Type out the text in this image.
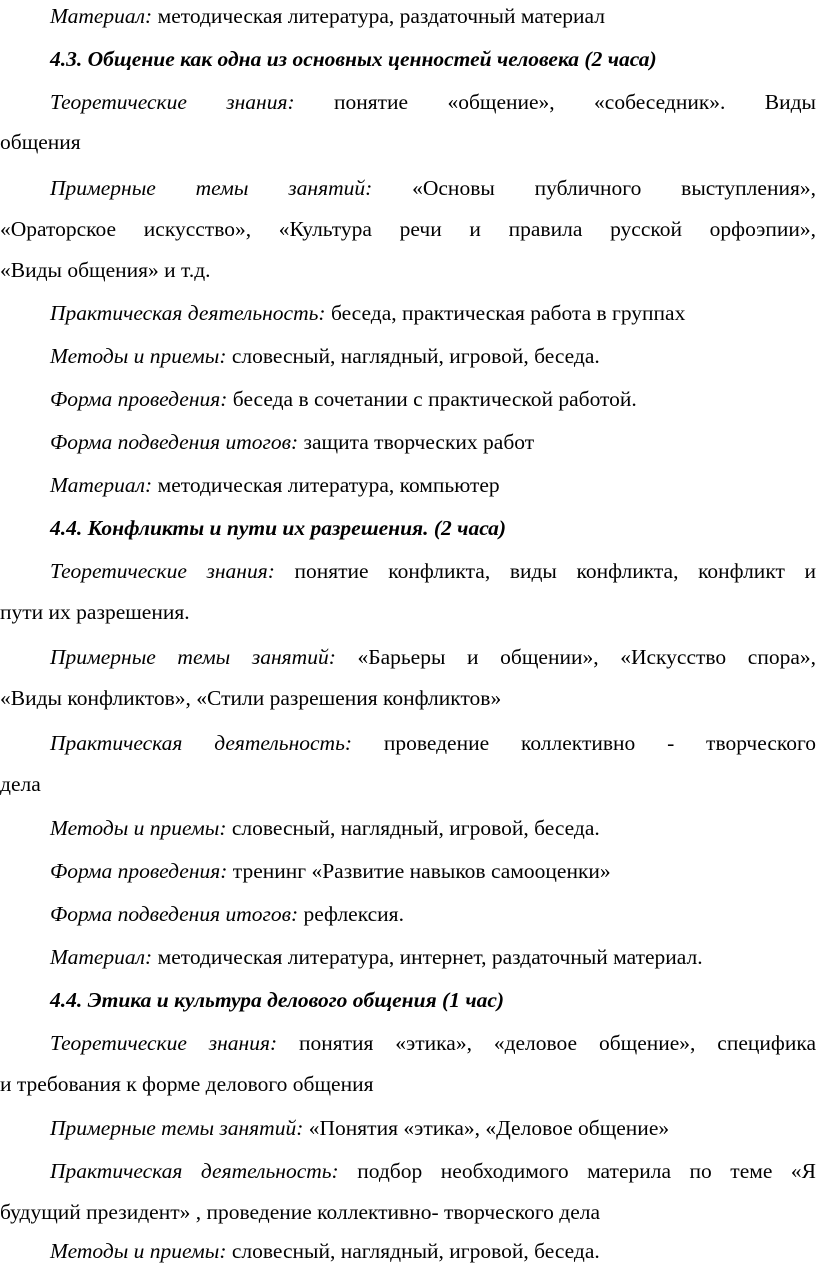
Материал: методическая литература, раздаточный материал
4.3. Общение как одна из основных ценностей человека (2 часа)
Теоретические знания: понятие «общение», «собеседник». Виды
общения
Примерные темы занятий: «Основы публичного выступления»,
«Ораторское искусство», «Культура речи и правила русской орфоэпии»,
«Виды общения» и т.д.
Практическая деятельность: беседа, практическая работа в группах
Методы и приемы: словесный, наглядный, игровой, беседа.
Форма проведения: беседа в сочетании с практической работой.
Форма подведения итогов: защита творческих работ
Материал: методическая литература, компьютер
4.4. Конфликты и пути их разрешения. (2 часа)
Теоретические знания: понятие конфликта, виды конфликта, конфликт и
пути их разрешения.
Примерные темы занятий: «Барьеры и общении», «Искусство спора»,
«Виды конфликтов», «Стили разрешения конфликтов»
Практическая деятельность: проведение коллективно - творческого
дела
Методы и приемы: словесный, наглядный, игровой, беседа.
Форма проведения: тренинг «Развитие навыков самооценки»
Форма подведения итогов: рефлексия.
Материал: методическая литература, интернет, раздаточный материал.
4.4. Этика и культура делового общения (1 час)
Теоретические знания: понятия «этика», «деловое общение», специфика
и требования к форме делового общения
Примерные темы занятий: «Понятия «этика», «Деловое общение»
Практическая деятельность: подбор необходимого материла по теме «Я
будущий президент» , проведение коллективно- творческого дела
Методы и приемы: словесный, наглядный, игровой, беседа.
